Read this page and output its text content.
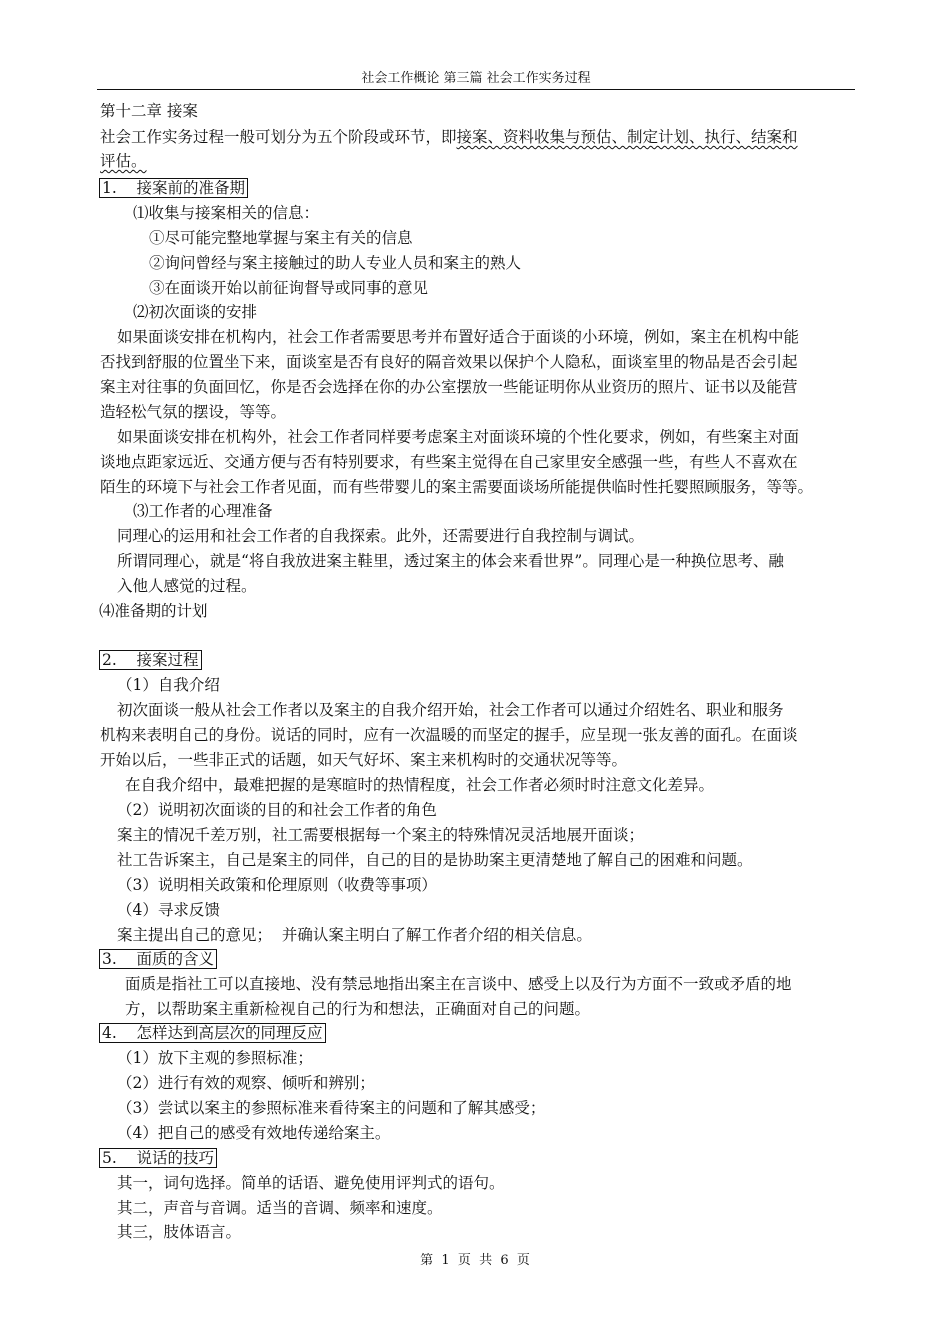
社会工作概论 第三篇 社会工作实务过程
第十二章 接案
社会工作实务过程一般可划分为五个阶段或环节，即接案、资料收集与预估、制定计划、执行、结案和
评估。
1.    接案前的准备期
⑴收集与接案相关的信息：
①尽可能完整地掌握与案主有关的信息
②询问曾经与案主接触过的助人专业人员和案主的熟人
③在面谈开始以前征询督导或同事的意见
⑵初次面谈的安排
如果面谈安排在机构内，社会工作者需要思考并布置好适合于面谈的小环境，例如，案主在机构中能
否找到舒服的位置坐下来，面谈室是否有良好的隔音效果以保护个人隐私，面谈室里的物品是否会引起
案主对往事的负面回忆，你是否会选择在你的办公室摆放一些能证明你从业资历的照片、证书以及能营
造轻松气氛的摆设，等等。
如果面谈安排在机构外，社会工作者同样要考虑案主对面谈环境的个性化要求，例如，有些案主对面
谈地点距家远近、交通方便与否有特别要求，有些案主觉得在自己家里安全感强一些，有些人不喜欢在
陌生的环境下与社会工作者见面，而有些带婴儿的案主需要面谈场所能提供临时性托婴照顾服务，等等。
⑶工作者的心理准备
同理心的运用和社会工作者的自我探索。此外，还需要进行自我控制与调试。
所谓同理心，就是“将自我放进案主鞋里，透过案主的体会来看世界”。同理心是一种换位思考、融
入他人感觉的过程。
⑷准备期的计划
2.    接案过程
（1）自我介绍
初次面谈一般从社会工作者以及案主的自我介绍开始，社会工作者可以通过介绍姓名、职业和服务
机构来表明自己的身份。说话的同时，应有一次温暖的而坚定的握手，应呈现一张友善的面孔。在面谈
开始以后，一些非正式的话题，如天气好坏、案主来机构时的交通状况等等。
在自我介绍中，最难把握的是寒暄时的热情程度，社会工作者必须时时注意文化差异。
（2）说明初次面谈的目的和社会工作者的角色
案主的情况千差万别，社工需要根据每一个案主的特殊情况灵活地展开面谈；
社工告诉案主，自己是案主的同伴，自己的目的是协助案主更清楚地了解自己的困难和问题。
（3）说明相关政策和伦理原则（收费等事项）
（4）寻求反馈
案主提出自己的意见；  并确认案主明白了解工作者介绍的相关信息。
3.    面质的含义
面质是指社工可以直接地、没有禁忌地指出案主在言谈中、感受上以及行为方面不一致或矛盾的地
方，以帮助案主重新检视自己的行为和想法，正确面对自己的问题。
4.    怎样达到高层次的同理反应
（1）放下主观的参照标准；
（2）进行有效的观察、倾听和辨别；
（3）尝试以案主的参照标准来看待案主的问题和了解其感受；
（4）把自己的感受有效地传递给案主。
5.    说话的技巧
其一，词句选择。简单的话语、避免使用评判式的语句。
其二，声音与音调。适当的音调、频率和速度。
其三，肢体语言。
第  1  页  共  6  页
